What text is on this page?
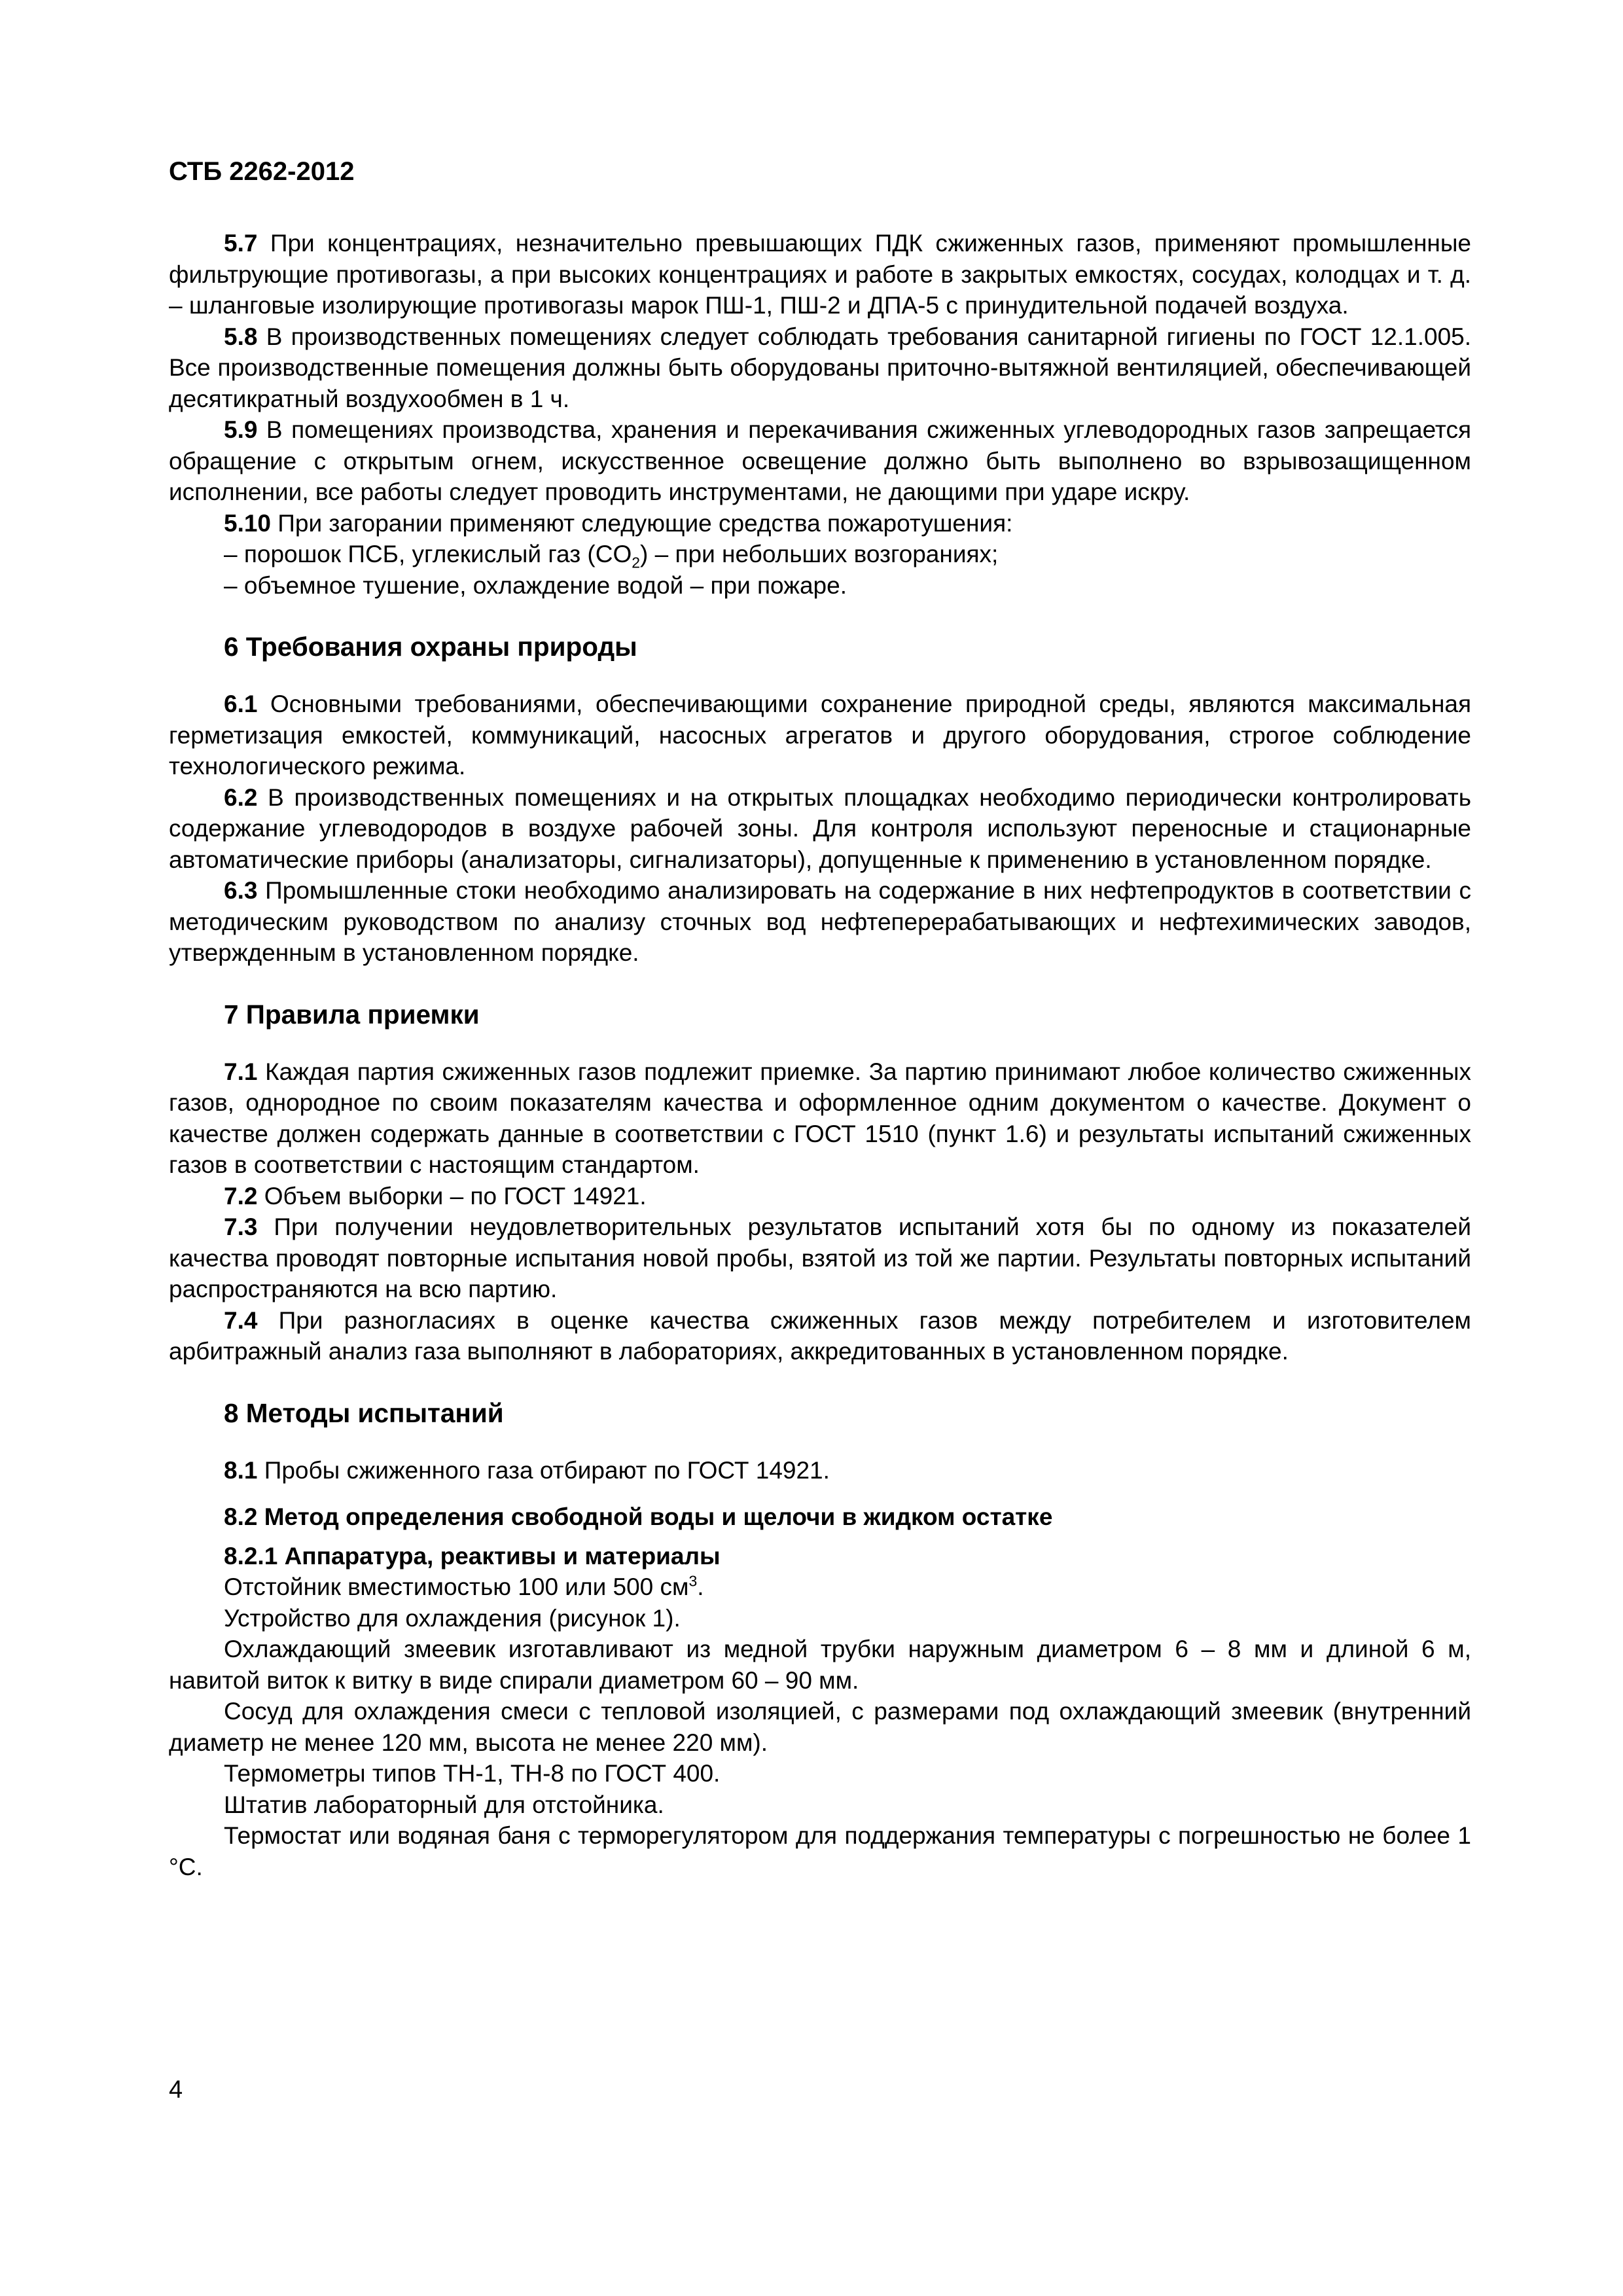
СТБ 2262-2012

5.7 При концентрациях, незначительно превышающих ПДК сжиженных газов, применяют промышленные фильтрующие противогазы, а при высоких концентрациях и работе в закрытых емкостях, сосудах, колодцах и т. д. – шланговые изолирующие противогазы марок ПШ-1, ПШ-2 и ДПА-5 с принудительной подачей воздуха.

5.8 В производственных помещениях следует соблюдать требования санитарной гигиены по ГОСТ 12.1.005. Все производственные помещения должны быть оборудованы приточно-вытяжной вентиляцией, обеспечивающей десятикратный воздухообмен в 1 ч.

5.9 В помещениях производства, хранения и перекачивания сжиженных углеводородных газов запрещается обращение с открытым огнем, искусственное освещение должно быть выполнено во взрывозащищенном исполнении, все работы следует проводить инструментами, не дающими при ударе искру.

5.10 При загорании применяют следующие средства пожаротушения:

– порошок ПСБ, углекислый газ $(CO_2)$ – при небольших возгораниях;

– объемное тушение, охлаждение водой – при пожаре.

6 Требования охраны природы

6.1 Основными требованиями, обеспечивающими сохранение природной среды, являются максимальная герметизация емкостей, коммуникаций, насосных агрегатов и другого оборудования, строгое соблюдение технологического режима.

6.2 В производственных помещениях и на открытых площадках необходимо периодически контролировать содержание углеводородов в воздухе рабочей зоны. Для контроля используют переносные и стационарные автоматические приборы (анализаторы, сигнализаторы), допущенные к применению в установленном порядке.

6.3 Промышленные стоки необходимо анализировать на содержание в них нефтепродуктов в соответствии с методическим руководством по анализу сточных вод нефтеперерабатывающих и нефтехимических заводов, утвержденным в установленном порядке.

7 Правила приемки

7.1 Каждая партия сжиженных газов подлежит приемке. За партию принимают любое количество сжиженных газов, однородное по своим показателям качества и оформленное одним документом о качестве. Документ о качестве должен содержать данные в соответствии с ГОСТ 1510 (пункт 1.6) и результаты испытаний сжиженных газов в соответствии с настоящим стандартом.

7.2 Объем выборки – по ГОСТ 14921.

7.3 При получении неудовлетворительных результатов испытаний хотя бы по одному из показателей качества проводят повторные испытания новой пробы, взятой из той же партии. Результаты повторных испытаний распространяются на всю партию.

7.4 При разногласиях в оценке качества сжиженных газов между потребителем и изготовителем арбитражный анализ газа выполняют в лабораториях, аккредитованных в установленном порядке.

8 Методы испытаний

8.1 Пробы сжиженного газа отбирают по ГОСТ 14921.

8.2 Метод определения свободной воды и щелочи в жидком остатке

8.2.1 Аппаратура, реактивы и материалы

Отстойник вместимостью 100 или 500 $см^3$.

Устройство для охлаждения (рисунок 1).

Охлаждающий змеевик изготавливают из медной трубки наружным диаметром 6 – 8 мм и длиной 6 м, навитой виток к витку в виде спирали диаметром 60 – 90 мм.

Сосуд для охлаждения смеси с тепловой изоляцией, с размерами под охлаждающий змеевик (внутренний диаметр не менее 120 мм, высота не менее 220 мм).

Термометры типов ТН-1, ТН-8 по ГОСТ 400.

Штатив лабораторный для отстойника.

Термостат или водяная баня с терморегулятором для поддержания температуры с погрешностью не более 1 °С.

4
